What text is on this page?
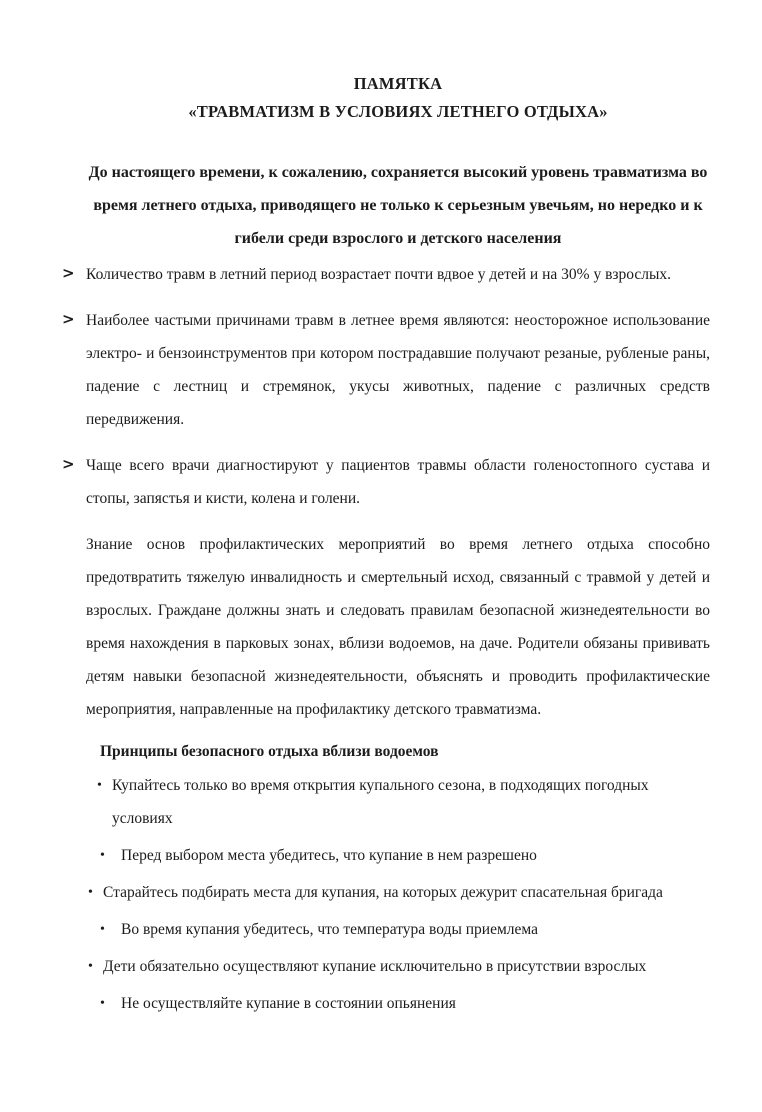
ПАМЯТКА
«ТРАВМАТИЗМ В УСЛОВИЯХ ЛЕТНЕГО ОТДЫХА»
До настоящего времени, к сожалению, сохраняется высокий уровень травматизма во время летнего отдыха, приводящего не только к серьезным увечьям, но нередко и к гибели среди взрослого и детского населения
> Количество травм в летний период возрастает почти вдвое у детей и на 30% у взрослых.
> Наиболее частыми причинами травм в летнее время являются: неосторожное использование электро- и бензоинструментов при котором пострадавшие получают резаные, рубленые раны, падение с лестниц и стремянок, укусы животных, падение с различных средств передвижения.
> Чаще всего врачи диагностируют у пациентов травмы области голеностопного сустава и стопы, запястья и кисти, колена и голени.
Знание основ профилактических мероприятий во время летнего отдыха способно предотвратить тяжелую инвалидность и смертельный исход, связанный с травмой у детей и взрослых. Граждане должны знать и следовать правилам безопасной жизнедеятельности во время нахождения в парковых зонах, вблизи водоемов, на даче. Родители обязаны прививать детям навыки безопасной жизнедеятельности, объяснять и проводить профилактические мероприятия, направленные на профилактику детского травматизма.
Принципы безопасного отдыха вблизи водоемов
• Купайтесь только во время открытия купального сезона, в подходящих погодных условиях
• Перед выбором места убедитесь, что купание в нем разрешено
• Старайтесь подбирать места для купания, на которых дежурит спасательная бригада
• Во время купания убедитесь, что температура воды приемлема
• Дети обязательно осуществляют купание исключительно в присутствии взрослых
• Не осуществляйте купание в состоянии опьянения
